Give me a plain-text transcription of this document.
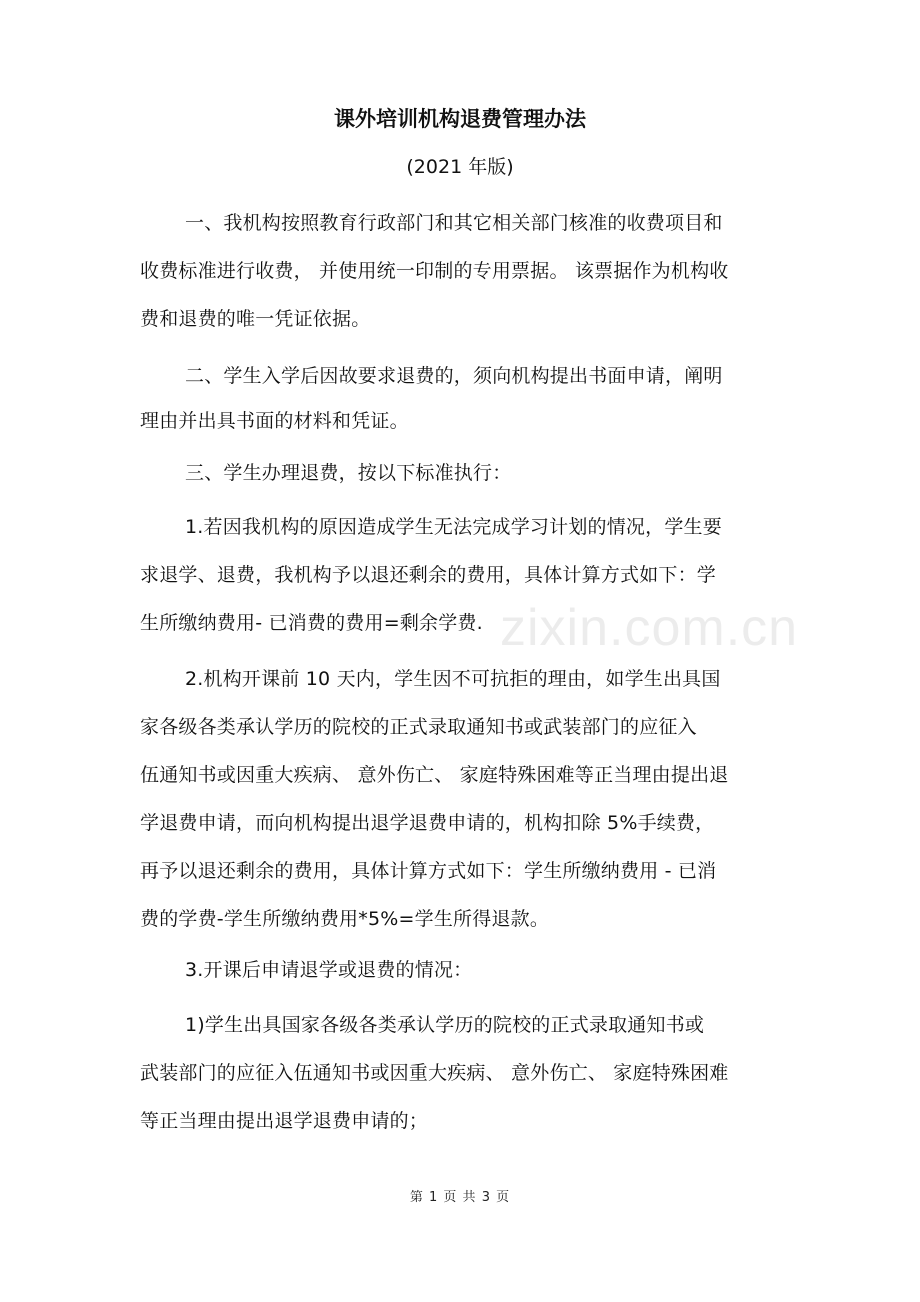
课外培训机构退费管理办法
(2021 年版)
一、我机构按照教育行政部门和其它相关部门核准的收费项目和
收费标准进行收费， 并使用统一印制的专用票据。 该票据作为机构收
费和退费的唯一凭证依据。
二、学生入学后因故要求退费的，须向机构提出书面申请，阐明
理由并出具书面的材料和凭证。
三、学生办理退费，按以下标准执行：
1.若因我机构的原因造成学生无法完成学习计划的情况，学生要
求退学、退费，我机构予以退还剩余的费用，具体计算方式如下：学
生所缴纳费用- 已消费的费用=剩余学费.
2.机构开课前 10 天内，学生因不可抗拒的理由，如学生出具国
家各级各类承认学历的院校的正式录取通知书或武装部门的应征入
伍通知书或因重大疾病、 意外伤亡、 家庭特殊困难等正当理由提出退
学退费申请，而向机构提出退学退费申请的，机构扣除 5%手续费，
再予以退还剩余的费用，具体计算方式如下：学生所缴纳费用 - 已消
费的学费-学生所缴纳费用*5%=学生所得退款。
3.开课后申请退学或退费的情况：
1)学生出具国家各级各类承认学历的院校的正式录取通知书或
武装部门的应征入伍通知书或因重大疾病、 意外伤亡、 家庭特殊困难
等正当理由提出退学退费申请的；
zixin.com.cn
第 1 页 共 3 页
